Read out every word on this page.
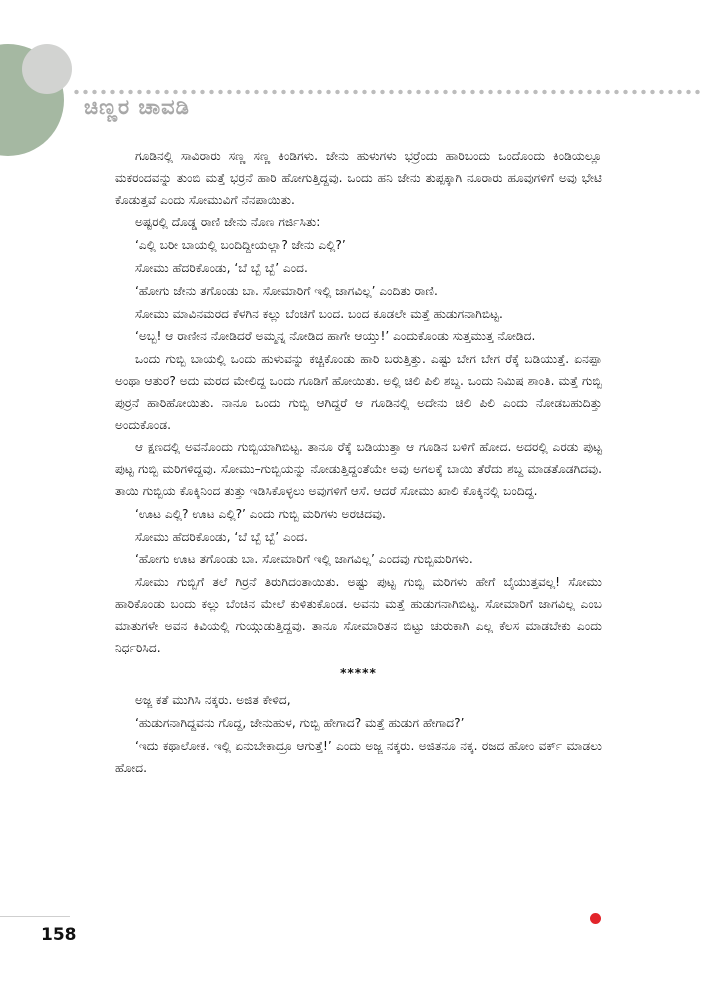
ಚಿಣ್ಣರ ಚಾವಡಿ

ಗೂಡಿನಲ್ಲಿ ಸಾವಿರಾರು ಸಣ್ಣ ಸಣ್ಣ ಕಿಂಡಿಗಳು. ಜೇನು ಹುಳುಗಳು ಭರ್ರೆಂದು ಹಾರಿಬಂದು ಒಂದೊಂದು ಕಿಂಡಿಯಲ್ಲೂ ಮಕರಂದವನ್ನು ತುಂಬಿ ಮತ್ತೆ ಭರ್ರನೆ ಹಾರಿ ಹೋಗುತ್ತಿದ್ದವು. ಒಂದು ಹನಿ ಜೇನು ತುಪ್ಪಕ್ಕಾಗಿ ನೂರಾರು ಹೂವುಗಳಿಗೆ ಅವು ಭೇಟಿ ಕೊಡುತ್ತವೆ ಎಂದು ಸೋಮುವಿಗೆ ನೆನಪಾಯಿತು.

ಅಷ್ಟರಲ್ಲಿ ದೊಡ್ಡ ರಾಣಿ ಜೇನು ನೊಣ ಗರ್ಜಿಸಿತು:

‘ಎಲ್ಲಿ ಬರೀ ಬಾಯಲ್ಲಿ ಬಂದಿದ್ದೀಯಲ್ಲಾ? ಜೇನು ಎಲ್ಲಿ?’

ಸೋಮು ಹೆದರಿಕೊಂಡು, ‘ಬೆ ಬ್ಬೆ ಬ್ಬೆ’ ಎಂದ.

‘ಹೋಗು ಜೇನು ತಗೊಂಡು ಬಾ. ಸೋಮಾರಿಗೆ ಇಲ್ಲಿ ಜಾಗವಿಲ್ಲ’ ಎಂದಿತು ರಾಣಿ.

ಸೋಮು ಮಾವಿನಮರದ ಕೆಳಗಿನ ಕಲ್ಲು ಬೆಂಚಿಗೆ ಬಂದ. ಬಂದ ಕೂಡಲೇ ಮತ್ತೆ ಹುಡುಗನಾಗಿಬಿಟ್ಟ.

‘ಅಬ್ಬ! ಆ ರಾಣೀನ ನೋಡಿದರೆ ಅಮ್ಮನ್ನ ನೋಡಿದ ಹಾಗೇ ಆಯ್ತು!’ ಎಂದುಕೊಂಡು ಸುತ್ತಮುತ್ತ ನೋಡಿದ.

ಒಂದು ಗುಬ್ಬಿ ಬಾಯಲ್ಲಿ ಒಂದು ಹುಳುವನ್ನು ಕಚ್ಚಿಕೊಂಡು ಹಾರಿ ಬರುತ್ತಿತ್ತು. ಎಷ್ಟು ಬೇಗ ಬೇಗ ರೆಕ್ಕೆ ಬಡಿಯುತ್ತೆ. ಏನಪ್ಪಾ ಅಂಥಾ ಆತುರ? ಅದು ಮರದ ಮೇಲಿದ್ದ ಒಂದು ಗೂಡಿಗೆ ಹೋಯಿತು. ಅಲ್ಲಿ ಚಿಲಿ ಪಿಲಿ ಶಬ್ದ. ಒಂದು ನಿಮಿಷ ಶಾಂತಿ. ಮತ್ತೆ ಗುಬ್ಬಿ ಪುರ್ರನೆ ಹಾರಿಹೋಯಿತು. ನಾನೂ ಒಂದು ಗುಬ್ಬಿ ಆಗಿದ್ದರೆ ಆ ಗೂಡಿನಲ್ಲಿ ಅದೇನು ಚಿಲಿ ಪಿಲಿ ಎಂದು ನೋಡಬಹುದಿತ್ತು ಅಂದುಕೊಂಡ.

ಆ ಕ್ಷಣದಲ್ಲಿ ಅವನೊಂದು ಗುಬ್ಬಿಯಾಗಿಬಿಟ್ಟ. ತಾನೂ ರೆಕ್ಕೆ ಬಡಿಯುತ್ತಾ ಆ ಗೂಡಿನ ಬಳಿಗೆ ಹೋದ. ಅದರಲ್ಲಿ ಎರಡು ಪುಟ್ಟ ಪುಟ್ಟ ಗುಬ್ಬಿ ಮರಿಗಳಿದ್ದವು. ಸೋಮು–ಗುಬ್ಬಿಯನ್ನು ನೋಡುತ್ತಿದ್ದಂತೆಯೇ ಅವು ಅಗಲಕ್ಕೆ ಬಾಯಿ ತೆರೆದು ಶಬ್ದ ಮಾಡತೊಡಗಿದವು. ತಾಯಿ ಗುಬ್ಬಿಯ ಕೊಕ್ಕಿನಿಂದ ತುತ್ತು ಇಡಿಸಿಕೊಳ್ಳಲು ಅವುಗಳಿಗೆ ಆಸೆ. ಆದರೆ ಸೋಮು ಖಾಲಿ ಕೊಕ್ಕಿನಲ್ಲಿ ಬಂದಿದ್ದ.

‘ಊಟ ಎಲ್ಲಿ? ಊಟ ಎಲ್ಲಿ?’ ಎಂದು ಗುಬ್ಬಿ ಮರಿಗಳು ಅರಚಿದವು.

ಸೋಮು ಹೆದರಿಕೊಂಡು, ‘ಬೆ ಬ್ಬೆ ಬ್ಬೆ’ ಎಂದ.

‘ಹೋಗು ಊಟ ತಗೊಂಡು ಬಾ. ಸೋಮಾರಿಗೆ ಇಲ್ಲಿ ಜಾಗವಿಲ್ಲ’ ಎಂದವು ಗುಬ್ಬಿಮರಿಗಳು.

ಸೋಮು ಗುಬ್ಬಿಗೆ ತಲೆ ಗಿರ್ರನೆ ತಿರುಗಿದಂತಾಯಿತು. ಅಷ್ಟು ಪುಟ್ಟ ಗುಬ್ಬಿ ಮರಿಗಳು ಹೇಗೆ ಬೈಯುತ್ತವಲ್ಲ! ಸೋಮು ಹಾರಿಕೊಂಡು ಬಂದು ಕಲ್ಲು ಬೆಂಚಿನ ಮೇಲೆ ಕುಳಿತುಕೊಂಡ. ಅವನು ಮತ್ತೆ ಹುಡುಗನಾಗಿಬಿಟ್ಟ. ಸೋಮಾರಿಗೆ ಜಾಗವಿಲ್ಲ ಎಂಬ ಮಾತುಗಳೇ ಅವನ ಕಿವಿಯಲ್ಲಿ ಗುಯ್ಗುಡುತ್ತಿದ್ದವು. ತಾನೂ ಸೋಮಾರಿತನ ಬಿಟ್ಟು ಚುರುಕಾಗಿ ಎಲ್ಲ ಕೆಲಸ ಮಾಡಬೇಕು ಎಂದು ನಿರ್ಧರಿಸಿದ.

*****

ಅಜ್ಜ ಕತೆ ಮುಗಿಸಿ ನಕ್ಕರು. ಅಜಿತ ಕೇಳಿದ,

‘ಹುಡುಗನಾಗಿದ್ದವನು ಗೊದ್ದ, ಜೇನುಹುಳ, ಗುಬ್ಬಿ ಹೇಗಾದ? ಮತ್ತೆ ಹುಡುಗ ಹೇಗಾದ?’

‘ಇದು ಕಥಾಲೋಕ. ಇಲ್ಲಿ ಏನುಬೇಕಾದ್ರೂ ಆಗುತ್ತೆ!’ ಎಂದು ಅಜ್ಜ ನಕ್ಕರು. ಅಜಿತನೂ ನಕ್ಕ. ರಜದ ಹೋಂ ವರ್ಕ್ ಮಾಡಲು ಹೋದ.

158
